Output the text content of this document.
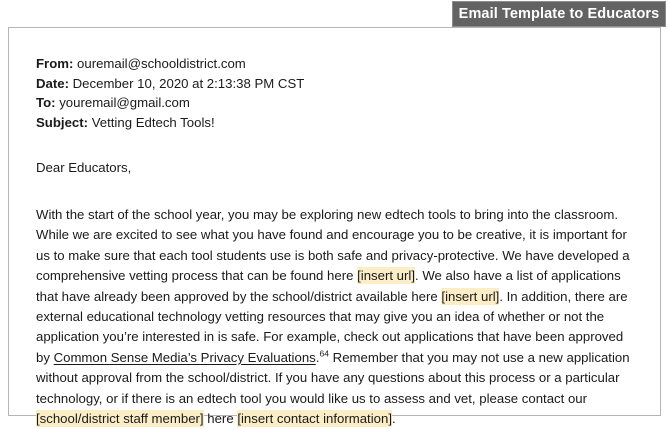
Email Template to Educators
From: ouremail@schooldistrict.com
Date: December 10, 2020 at 2:13:38 PM CST
To: youremail@gmail.com
Subject: Vetting Edtech Tools!

Dear Educators,

With the start of the school year, you may be exploring new edtech tools to bring into the classroom. While we are excited to see what you have found and encourage you to be creative, it is important for us to make sure that each tool students use is both safe and privacy-protective. We have developed a comprehensive vetting process that can be found here [insert url]. We also have a list of applications that have already been approved by the school/district available here [insert url]. In addition, there are external educational technology vetting resources that may give you an idea of whether or not the application you’re interested in is safe. For example, check out applications that have been approved by Common Sense Media’s Privacy Evaluations.$^{64}$ Remember that you may not use a new application without approval from the school/district. If you have any questions about this process or a particular technology, or if there is an edtech tool you would like us to assess and vet, please contact our [school/district staff member] here [insert contact information].
